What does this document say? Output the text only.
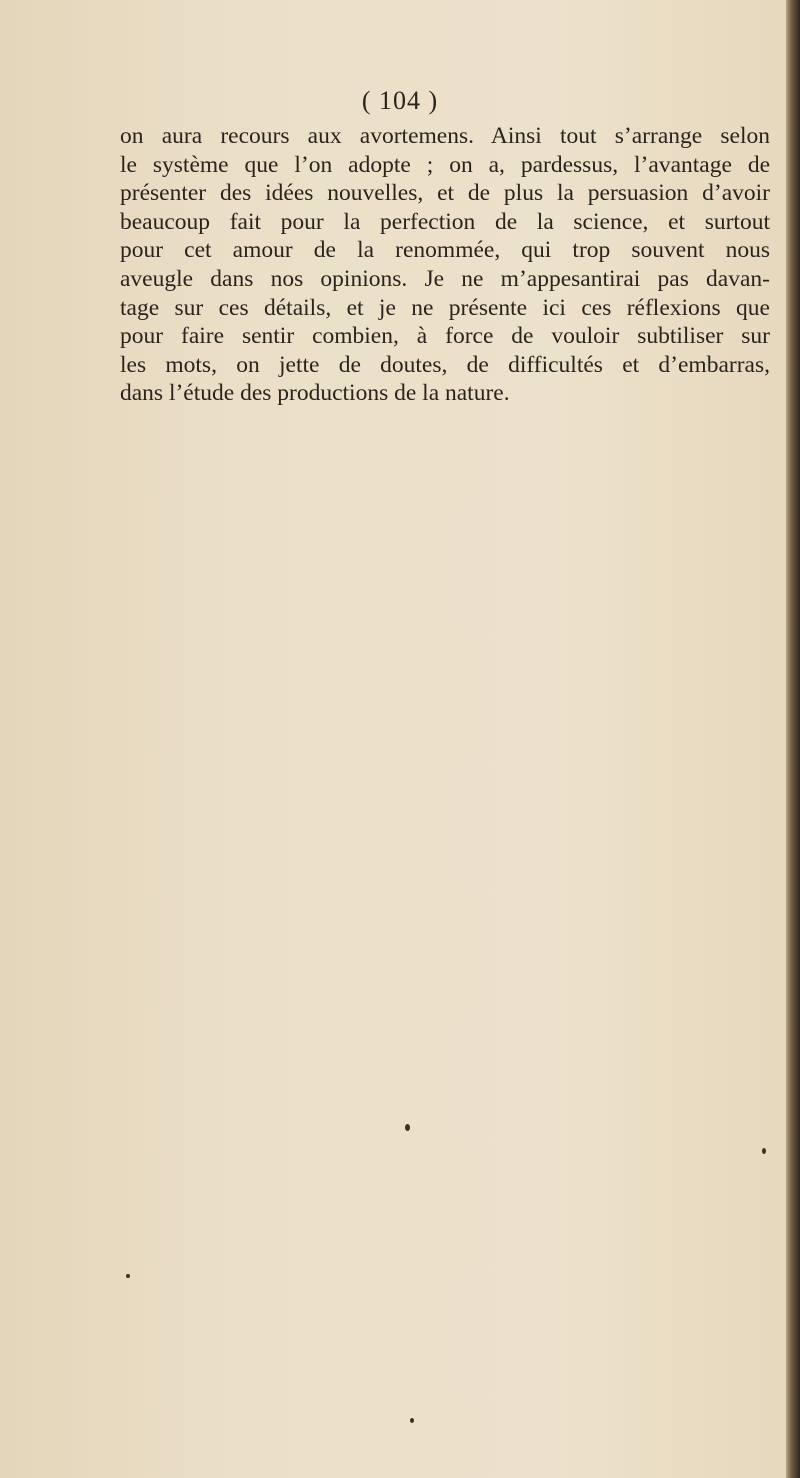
( 104 )
on aura recours aux avortemens. Ainsi tout s’arrange selon
le système que l’on adopte ; on a, pardessus, l’avantage de
présenter des idées nouvelles, et de plus la persuasion d’avoir
beaucoup fait pour la perfection de la science, et surtout
pour cet amour de la renommée, qui trop souvent nous
aveugle dans nos opinions. Je ne m’appesantirai pas davan-
tage sur ces détails, et je ne présente ici ces réflexions que
pour faire sentir combien, à force de vouloir subtiliser sur
les mots, on jette de doutes, de difficultés et d’embarras,
dans l’étude des productions de la nature.
